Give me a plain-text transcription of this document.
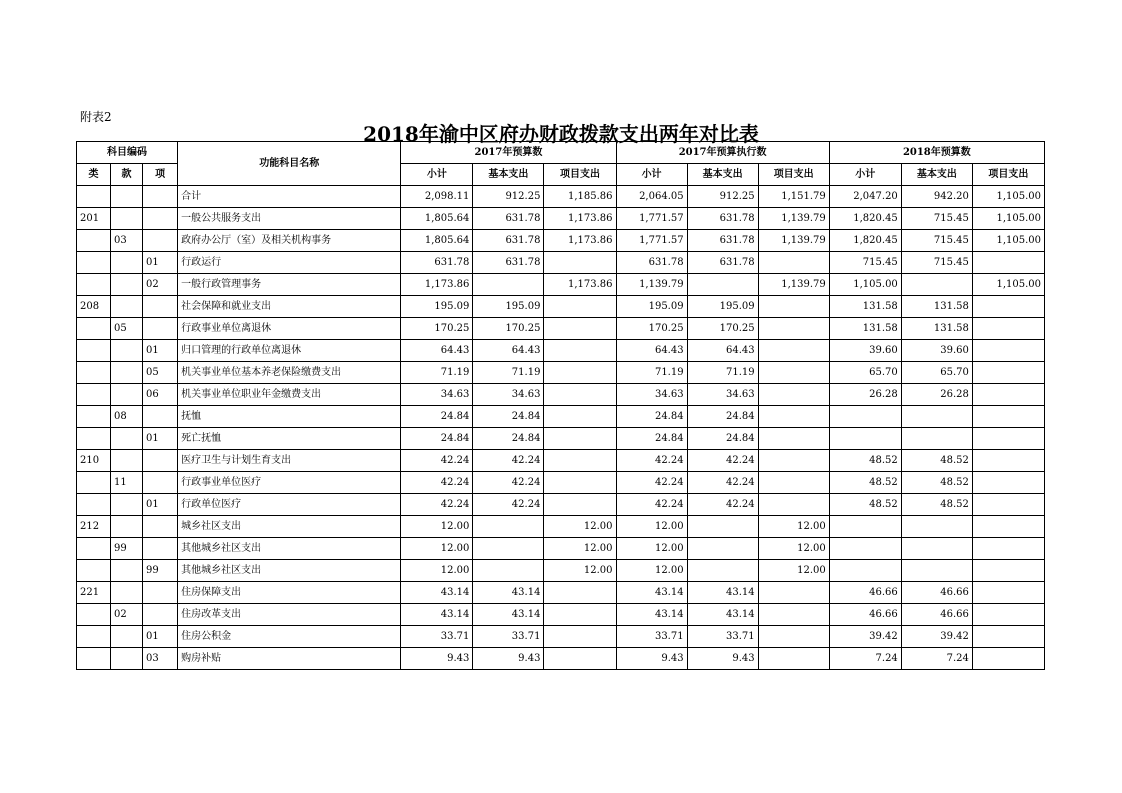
附表2
2018年渝中区府办财政拨款支出两年对比表
科目编码			功能科目名称	2017年预算数			2017年预算执行数			2018年预算数		
类	款	项		小计	基本支出	项目支出	小计	基本支出	项目支出	小计	基本支出	项目支出
			合计	2,098.11	912.25	1,185.86	2,064.05	912.25	1,151.79	2,047.20	942.20	1,105.00
201			一般公共服务支出	1,805.64	631.78	1,173.86	1,771.57	631.78	1,139.79	1,820.45	715.45	1,105.00
	03		政府办公厅（室）及相关机构事务	1,805.64	631.78	1,173.86	1,771.57	631.78	1,139.79	1,820.45	715.45	1,105.00
		01	行政运行	631.78	631.78		631.78	631.78		715.45	715.45	
		02	一般行政管理事务	1,173.86		1,173.86	1,139.79		1,139.79	1,105.00		1,105.00
208			社会保障和就业支出	195.09	195.09		195.09	195.09		131.58	131.58	
	05		行政事业单位离退休	170.25	170.25		170.25	170.25		131.58	131.58	
		01	归口管理的行政单位离退休	64.43	64.43		64.43	64.43		39.60	39.60	
		05	机关事业单位基本养老保险缴费支出	71.19	71.19		71.19	71.19		65.70	65.70	
		06	机关事业单位职业年金缴费支出	34.63	34.63		34.63	34.63		26.28	26.28	
	08		抚恤	24.84	24.84		24.84	24.84				
		01	死亡抚恤	24.84	24.84		24.84	24.84				
210			医疗卫生与计划生育支出	42.24	42.24		42.24	42.24		48.52	48.52	
	11		行政事业单位医疗	42.24	42.24		42.24	42.24		48.52	48.52	
		01	行政单位医疗	42.24	42.24		42.24	42.24		48.52	48.52	
212			城乡社区支出	12.00		12.00	12.00		12.00			
	99		其他城乡社区支出	12.00		12.00	12.00		12.00			
		99	其他城乡社区支出	12.00		12.00	12.00		12.00			
221			住房保障支出	43.14	43.14		43.14	43.14		46.66	46.66	
	02		住房改革支出	43.14	43.14		43.14	43.14		46.66	46.66	
		01	住房公积金	33.71	33.71		33.71	33.71		39.42	39.42	
		03	购房补贴	9.43	9.43		9.43	9.43		7.24	7.24	
